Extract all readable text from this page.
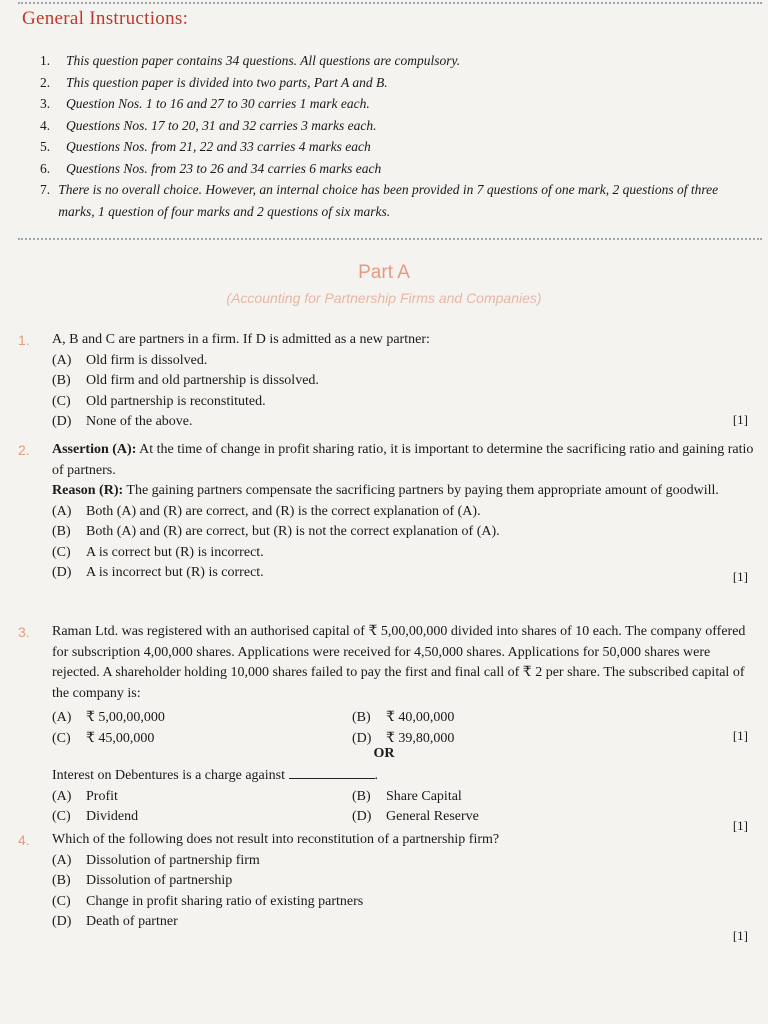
General Instructions:
1.	This question paper contains 34 questions. All questions are compulsory.
2.	This question paper is divided into two parts, Part A and B.
3.	Question Nos. 1 to 16 and 27 to 30 carries 1 mark each.
4.	Questions Nos. 17 to 20, 31 and 32 carries 3 marks each.
5.	Questions Nos. from 21, 22 and 33 carries 4 marks each
6.	Questions Nos. from 23 to 26 and 34 carries 6 marks each
7. There is no overall choice. However, an internal choice has been provided in 7 questions of one mark, 2 questions of three marks, 1 question of four marks and 2 questions of six marks.
Part A
(Accounting for Partnership Firms and Companies)
1. A, B and C are partners in a firm. If D is admitted as a new partner:
(A)	Old firm is dissolved.
(B)	Old firm and old partnership is dissolved.
(C)	Old partnership is reconstituted.
(D)	None of the above.	[1]
2. Assertion (A): At the time of change in profit sharing ratio, it is important to determine the sacrificing ratio and gaining ratio of partners.
Reason (R): The gaining partners compensate the sacrificing partners by paying them appropriate amount of goodwill.
(A)	Both (A) and (R) are correct, and (R) is the correct explanation of (A).
(B)	Both (A) and (R) are correct, but (R) is not the correct explanation of (A).
(C)	A is correct but (R) is incorrect.
(D)	A is incorrect but (R) is correct.	[1]
3. Raman Ltd. was registered with an authorised capital of ₹ 5,00,00,000 divided into shares of 10 each. The company offered for subscription 4,00,000 shares. Applications were received for 4,50,000 shares. Applications for 50,000 shares were rejected. A shareholder holding 10,000 shares failed to pay the first and final call of ₹ 2 per share. The subscribed capital of the company is:
(A)	₹ 5,00,00,000	(B)	₹ 40,00,000
(C)	₹ 45,00,000	(D)	₹ 39,80,000	[1]
OR
Interest on Debentures is a charge against	.
(A)	Profit	(B)	Share Capital
(C)	Dividend	(D)	General Reserve
[1]
4. Which of the following does not result into reconstitution of a partnership firm?
(A)	Dissolution of partnership firm
(B)	Dissolution of partnership
(C)	Change in profit sharing ratio of existing partners
(D)	Death of partner
[1]
